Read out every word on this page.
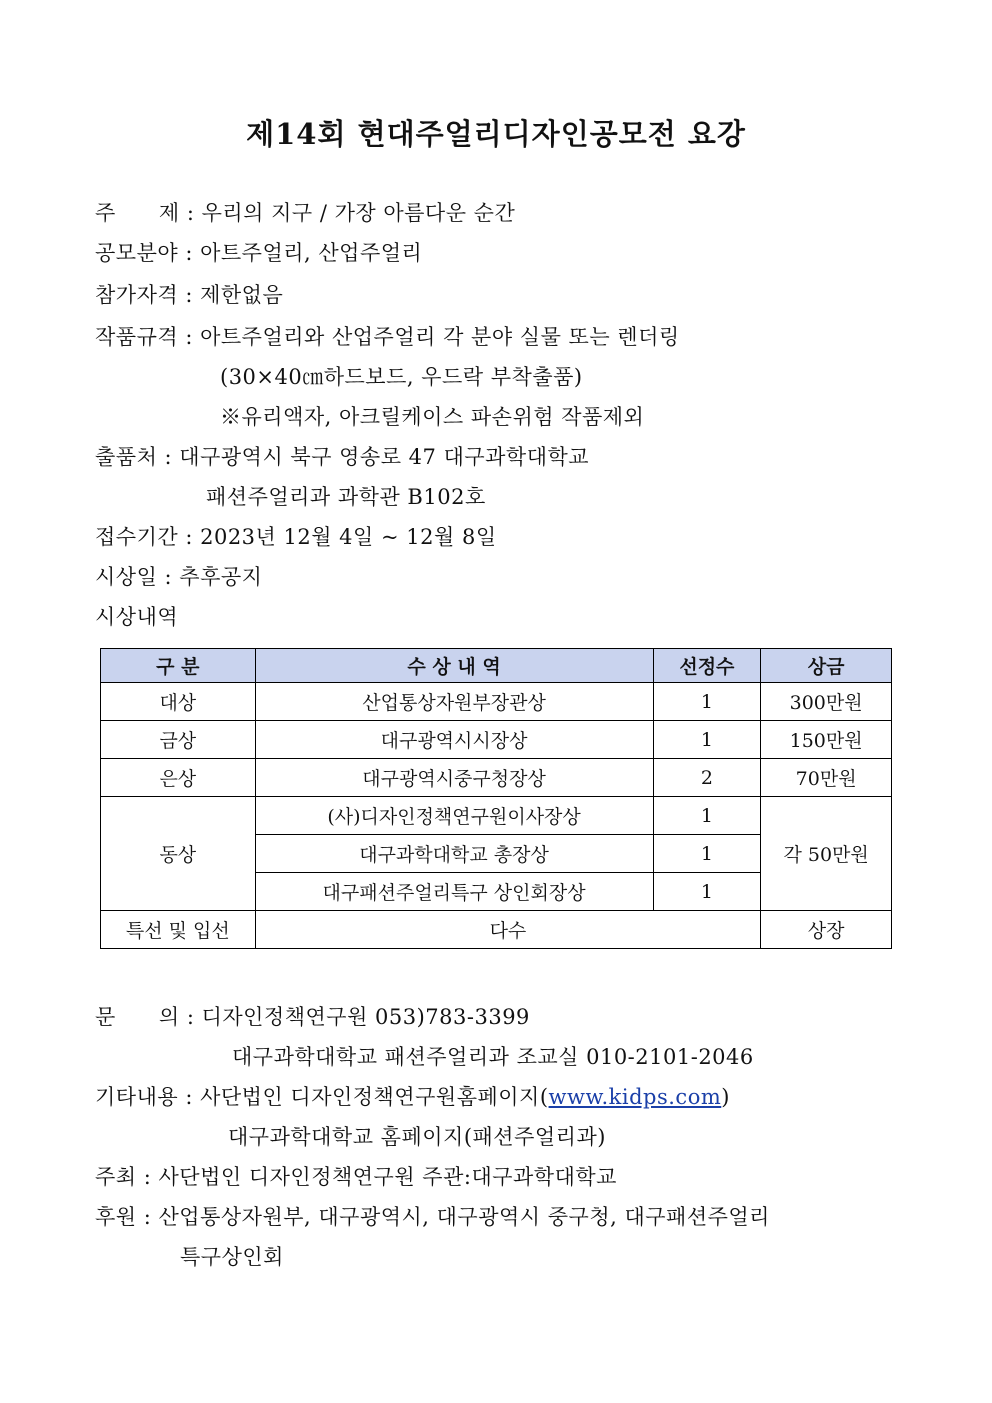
제14회 현대주얼리디자인공모전 요강
주      제 : 우리의 지구 / 가장 아름다운 순간
공모분야 : 아트주얼리, 산업주얼리
참가자격 : 제한없음
작품규격 : 아트주얼리와 산업주얼리 각 분야 실물 또는 렌더링
(30×40㎝하드보드, 우드락 부착출품)
※유리액자, 아크릴케이스 파손위험 작품제외
출품처 : 대구광역시 북구 영송로 47 대구과학대학교
패션주얼리과 과학관 B102호
접수기간 : 2023년 12월 4일 ~ 12월 8일
시상일 : 추후공지
시상내역
구 분	수 상 내 역	선정수	상금
대상	산업통상자원부장관상	1	300만원
금상	대구광역시시장상	1	150만원
은상	대구광역시중구청장상	2	70만원
동상	(사)디자인정책연구원이사장상	1	각 50만원
	대구과학대학교 총장상	1	
	대구패션주얼리특구 상인회장상	1	
특선 및 입선	다수		상장
문      의 : 디자인정책연구원 053)783-3399
대구과학대학교 패션주얼리과 조교실 010-2101-2046
기타내용 : 사단법인 디자인정책연구원홈페이지(www.kidps.com)
대구과학대학교 홈페이지(패션주얼리과)
주최 : 사단법인 디자인정책연구원 주관:대구과학대학교
후원 : 산업통상자원부, 대구광역시, 대구광역시 중구청, 대구패션주얼리
특구상인회
